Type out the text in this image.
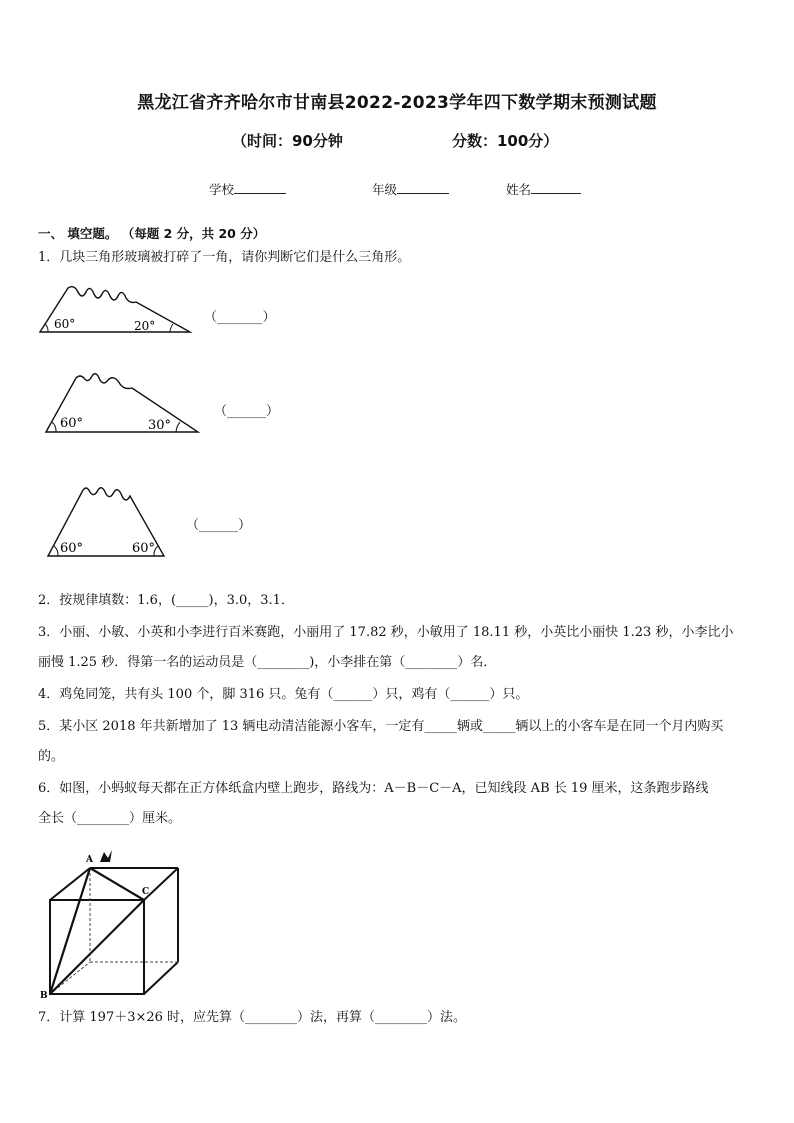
黑龙江省齐齐哈尔市甘南县2022-2023学年四下数学期末预测试题
（时间：90分钟	分数：100分）
学校	年级	姓名
一、 填空题。 （每题 2 分，共 20 分）
1．几块三角形玻璃被打碎了一角，请你判断它们是什么三角形。
60°	20°
（_______）
60°	30°
（______）
60°	60°
（______）
2．按规律填数：1.6，(_____)，3.0，3.1．
3．小丽、小敏、小英和小李进行百米赛跑，小丽用了 17.82 秒，小敏用了 18.11 秒，小英比小丽快 1.23 秒，小李比小
丽慢 1.25 秒．得第一名的运动员是（________)，小李排在第（________）名．
4．鸡兔同笼，共有头 100 个，脚 316 只。兔有（______）只，鸡有（______）只。
5．某小区 2018 年共新增加了 13 辆电动清洁能源小客车，一定有_____辆或_____辆以上的小客车是在同一个月内购买
的。
6．如图，小蚂蚁每天都在正方体纸盒内壁上跑步，路线为：A－B－C－A，已知线段 AB 长 19 厘米，这条跑步路线
全长（________）厘米。
A
B
C
7．计算 197＋3×26 时，应先算（________）法，再算（________）法。
